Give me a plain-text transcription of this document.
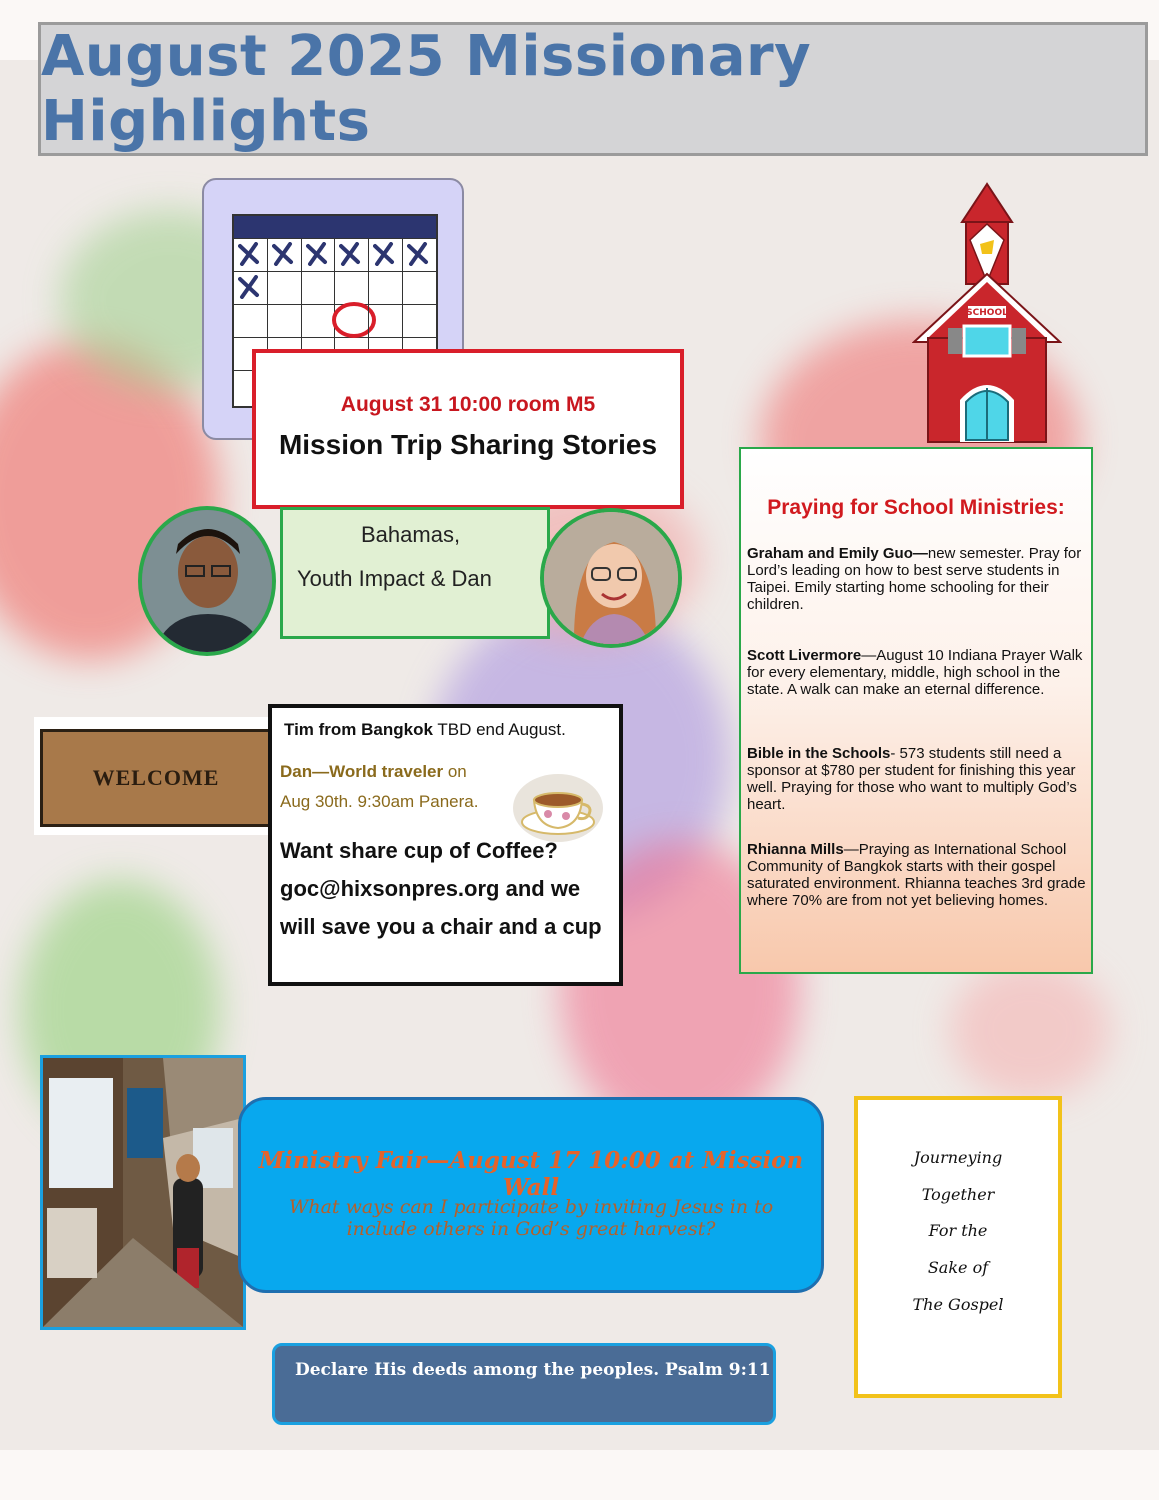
August 2025 Missionary Highlights
August 31 10:00 room M5
Mission Trip Sharing Stories
Bahamas,
Youth Impact & Dan
WELCOME
Tim from Bangkok TBD end August.
Dan—World traveler on
Aug 30th. 9:30am Panera.
Want share cup of Coffee? goc@hixsonpres.org and we will save you a chair and a cup
SCHOOL
Praying for School Ministries:
Graham and Emily Guo—new semester. Pray for Lord’s leading on how to best serve students in Taipei. Emily starting home schooling for their children.
Scott Livermore—August 10 Indiana Prayer Walk for every elementary, middle, high school in the state. A walk can make an eternal difference.
Bible in the Schools- 573 students still need a sponsor at $780 per student for finishing this year well. Praying for those who want to multiply God’s heart.
Rhianna Mills—Praying as International School Community of Bangkok starts with their gospel saturated environment. Rhianna teaches 3rd grade where 70% are from not yet believing homes.
Ministry Fair—August 17 10:00 at Mission Wall
What ways can I participate by inviting Jesus in to include others in God’s great harvest?
Journeying
Together
For the
Sake of
The Gospel
Declare His deeds among the peoples. Psalm 9:11
